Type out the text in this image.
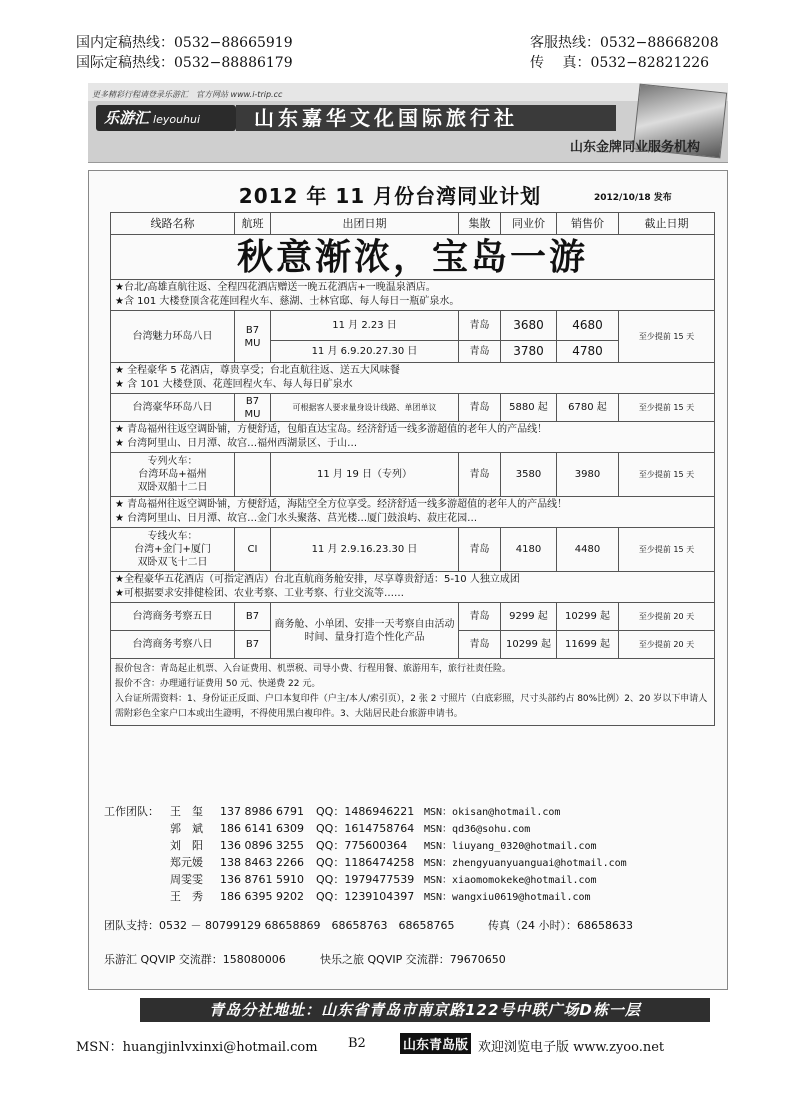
国内定稿热线：0532−88665919
国际定稿热线：0532−88886179
客服热线：0532−88668208
传　 真：0532−82821226
更多精彩行程请登录乐游汇　官方网站 www.i-trip.cc
乐游汇 leyouhui	山东嘉华文化国际旅行社
山东金牌同业服务机构
2012 年 11 月份台湾同业计划	2012/10/18 发布
线路名称	航班	出团日期	集散	同业价	销售价	截止日期
秋意渐浓，宝岛一游						

★台北/高雄直航往返、全程四花酒店赠送一晚五花酒店+一晚温泉酒店。
★含 101 大楼登顶含花莲回程火车、慈湖、士林官邸、每人每日一瓶矿泉水。						

台湾魅力环岛八日	B7 MU	11 月 2.23 日	青岛	3680	4680	至少提前 15 天
		11 月 6.9.20.27.30 日	青岛	3780	4780	

★ 全程豪华 5 花酒店，尊贵享受；台北直航往返、送五大风味餐
★ 含 101 大楼登顶、花莲回程火车、每人每日矿泉水						

台湾豪华环岛八日	B7 MU	可根据客人要求量身设计线路、单团单议	青岛	5880 起	6780 起	至少提前 15 天

★ 青岛福州往返空调卧铺，方便舒适，包船直达宝岛。经济舒适一线多游超值的老年人的产品线！
★ 台湾阿里山、日月潭、故宫…福州西湖景区、于山…						

专列火车：
台湾环岛+福州
双卧双船十二日		11 月 19 日（专列）	青岛	3580	3980	至少提前 15 天

★ 青岛福州往返空调卧铺，方便舒适，海陆空全方位享受。经济舒适一线多游超值的老年人的产品线！
★ 台湾阿里山、日月潭、故宫…金门水头聚落、莒光楼…厦门鼓浪屿、菽庄花园…						

专线火车：
台湾+金门+厦门
双卧双飞十二日	CI	11 月 2.9.16.23.30 日	青岛	4180	4480	至少提前 15 天

★全程豪华五花酒店（可指定酒店）台北直航商务舱安排，尽享尊贵舒适：5-10 人独立成团
★可根据要求安排健检团、农业考察、工业考察、行业交流等……						

台湾商务考察五日	B7	商务舱、小单团、安排一天考察自由活动时间、量身打造个性化产品	青岛	9299 起	10299 起	至少提前 20 天
台湾商务考察八日	B7		青岛	10299 起	11699 起	至少提前 20 天

报价包含：青岛起止机票、入台证费用、机票税、司导小费、行程用餐、旅游用车，旅行社责任险。
报价不含：办理通行证费用 50 元、快递费 22 元。
入台证所需资料：1、身份证正反面、户口本复印件（户主/本人/索引页），2 张 2 寸照片（白底彩照，尺寸头部约占 80%比例）2、20 岁以下申请人需附彩色全家户口本或出生證明，不得使用黑白複印件。3、大陆居民赴台旅游申请书。						
工作团队： 王　玺 137 8986 6791 QQ：1486946221 MSN：okisan@hotmail.com
郭　斌 186 6141 6309 QQ：1614758764 MSN：qd36@sohu.com
刘　阳 136 0896 3255 QQ：775600364 MSN：liuyang_0320@hotmail.com
郑元媛 138 8463 2266 QQ：1186474258 MSN：zhengyuanyuanguai@hotmail.com
周雯雯 136 8761 5910 QQ：1979477539 MSN：xiaomomokeke@hotmail.com
王　秀 186 6395 9202 QQ：1239104397 MSN：wangxiu0619@hotmail.com
团队支持：0532 － 80799129 68658869　68658763　68658765	传真（24 小时）：68658633
乐游汇 QQVIP 交流群：158080006	快乐之旅 QQVIP 交流群：79670650
青岛分社地址：山东省青岛市南京路122号中联广场D栋一层
MSN：huangjinlvxinxi@hotmail.com B2	山东青岛版 欢迎浏览电子版 www.zyoo.net
